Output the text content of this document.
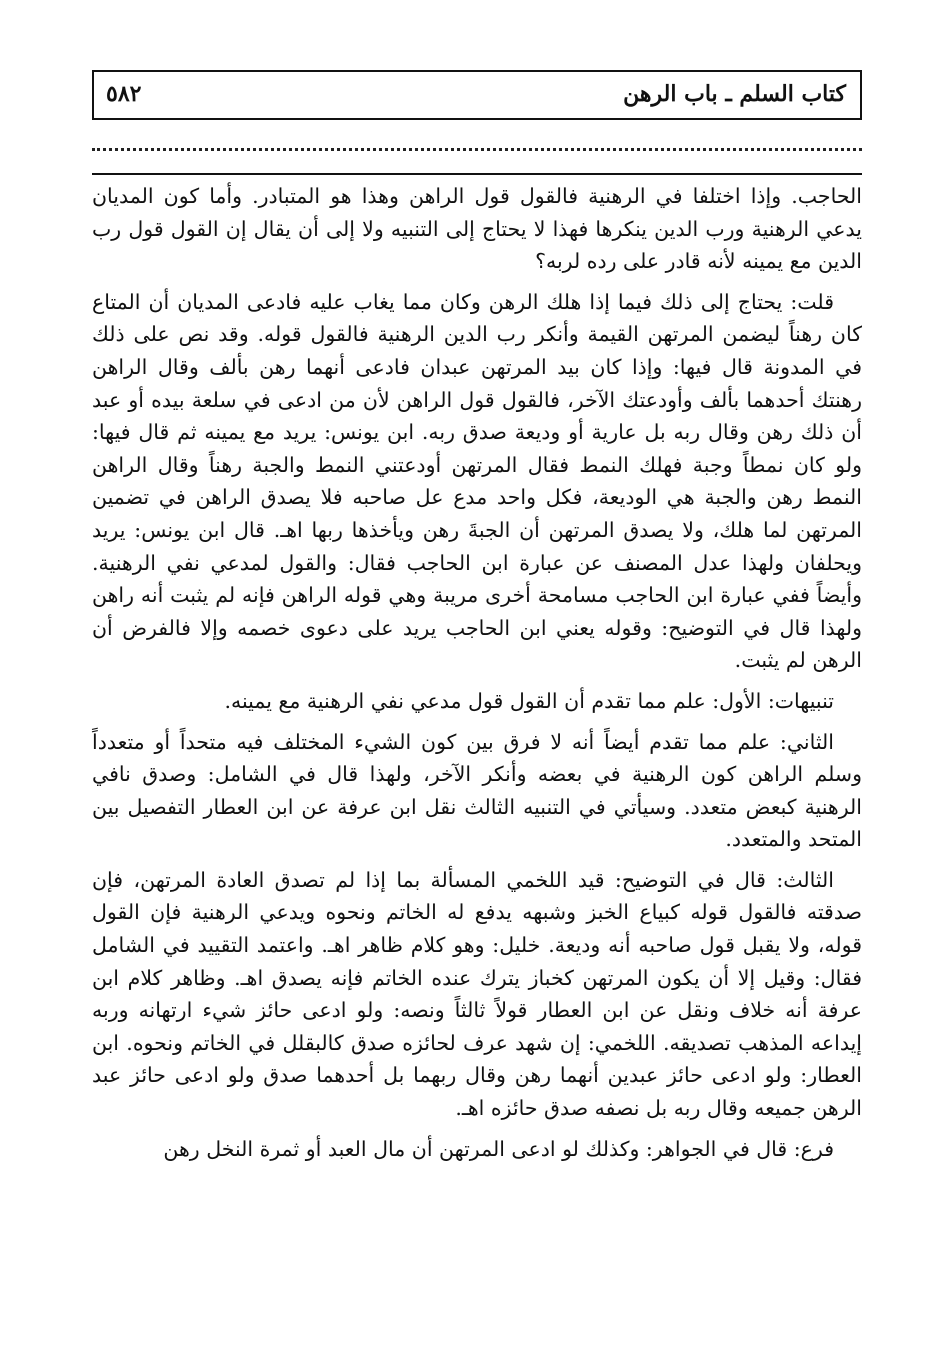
كتاب السلم ـ باب الرهن
٥٨٢

الحاجب. وإذا اختلفا في الرهنية فالقول قول الراهن وهذا هو المتبادر. وأما كون المديان يدعي الرهنية ورب الدين ينكرها فهذا لا يحتاج إلى التنبيه ولا إلى أن يقال إن القول قول رب الدين مع يمينه لأنه قادر على رده لربه؟

قلت: يحتاج إلى ذلك فيما إذا هلك الرهن وكان مما يغاب عليه فادعى المديان أن المتاع كان رهناً ليضمن المرتهن القيمة وأنكر رب الدين الرهنية فالقول قوله. وقد نص على ذلك في المدونة قال فيها: وإذا كان بيد المرتهن عبدان فادعى أنهما رهن بألف وقال الراهن رهنتك أحدهما بألف وأودعتك الآخر، فالقول قول الراهن لأن من ادعى في سلعة بيده أو عبد أن ذلك رهن وقال ربه بل عارية أو وديعة صدق ربه. ابن يونس: يريد مع يمينه ثم قال فيها: ولو كان نمطاً وجبة فهلك النمط فقال المرتهن أودعتني النمط والجبة رهناً وقال الراهن النمط رهن والجبة هي الوديعة، فكل واحد مدع عل صاحبه فلا يصدق الراهن في تضمين المرتهن لما هلك، ولا يصدق المرتهن أن الجبةَ رهن ويأخذها ربها اهـ. قال ابن يونس: يريد ويحلفان ولهذا عدل المصنف عن عبارة ابن الحاجب فقال: والقول لمدعي نفي الرهنية. وأيضاً ففي عبارة ابن الحاجب مسامحة أخرى مريبة وهي قوله الراهن فإنه لم يثبت أنه راهن ولهذا قال في التوضيح: وقوله يعني ابن الحاجب يريد على دعوى خصمه وإلا فالفرض أن الرهن لم يثبت.

تنبيهات: الأول: علم مما تقدم أن القول قول مدعي نفي الرهنية مع يمينه.

الثاني: علم مما تقدم أيضاً أنه لا فرق بين كون الشيء المختلف فيه متحداً أو متعدداً وسلم الراهن كون الرهنية في بعضه وأنكر الآخر، ولهذا قال في الشامل: وصدق نافي الرهنية كبعض متعدد. وسيأتي في التنبيه الثالث نقل ابن عرفة عن ابن العطار التفصيل بين المتحد والمتعدد.

الثالث: قال في التوضيح: قيد اللخمي المسألة بما إذا لم تصدق العادة المرتهن، فإن صدقته فالقول قوله كبياع الخبز وشبهه يدفع له الخاتم ونحوه ويدعي الرهنية فإن القول قوله، ولا يقبل قول صاحبه أنه وديعة. خليل: وهو كلام ظاهر اهـ. واعتمد التقييد في الشامل فقال: وقيل إلا أن يكون المرتهن كخباز يترك عنده الخاتم فإنه يصدق اهـ. وظاهر كلام ابن عرفة أنه خلاف ونقل عن ابن العطار قولاً ثالثاً ونصه: ولو ادعى حائز شيء ارتهانه وربه إيداعه المذهب تصديقه. اللخمي: إن شهد عرف لحائزه صدق كالبقلل في الخاتم ونحوه. ابن العطار: ولو ادعى حائز عبدين أنهما رهن وقال ربهما بل أحدهما صدق ولو ادعى حائز عبد الرهن جميعه وقال ربه بل نصفه صدق حائزه اهـ.

فرع: قال في الجواهر: وكذلك لو ادعى المرتهن أن مال العبد أو ثمرة النخل رهن
